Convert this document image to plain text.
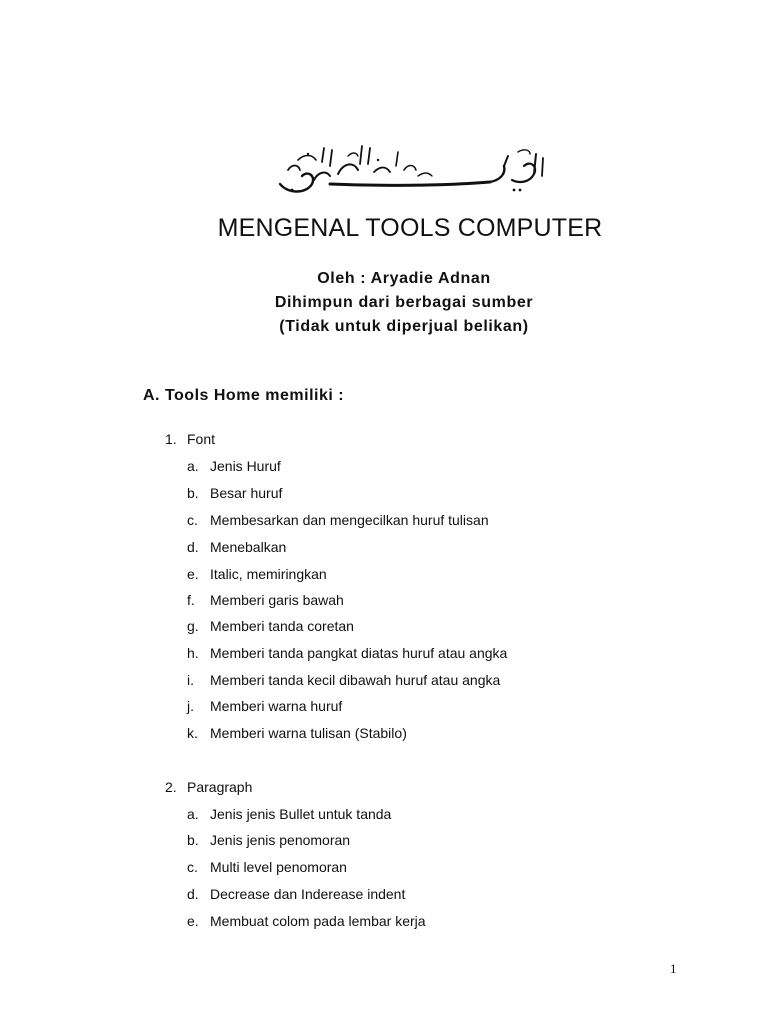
MENGENAL TOOLS COMPUTER

Oleh : Aryadie Adnan

Dihimpun dari berbagai sumber

(Tidak untuk diperjual belikan)

A. Tools Home memiliki :
1. Font
a. Jenis Huruf
b. Besar huruf
c. Membesarkan dan mengecilkan huruf tulisan
d. Menebalkan
e. Italic, memiringkan
f. Memberi garis bawah
g. Memberi tanda coretan
h. Memberi tanda pangkat diatas huruf atau angka
i. Memberi tanda kecil dibawah huruf atau angka
j. Memberi warna huruf
k. Memberi warna tulisan (Stabilo)
2. Paragraph
a. Jenis jenis Bullet untuk tanda
b. Jenis jenis penomoran
c. Multi level penomoran
d. Decrease dan Inderease indent
e. Membuat colom pada lembar kerja
1
